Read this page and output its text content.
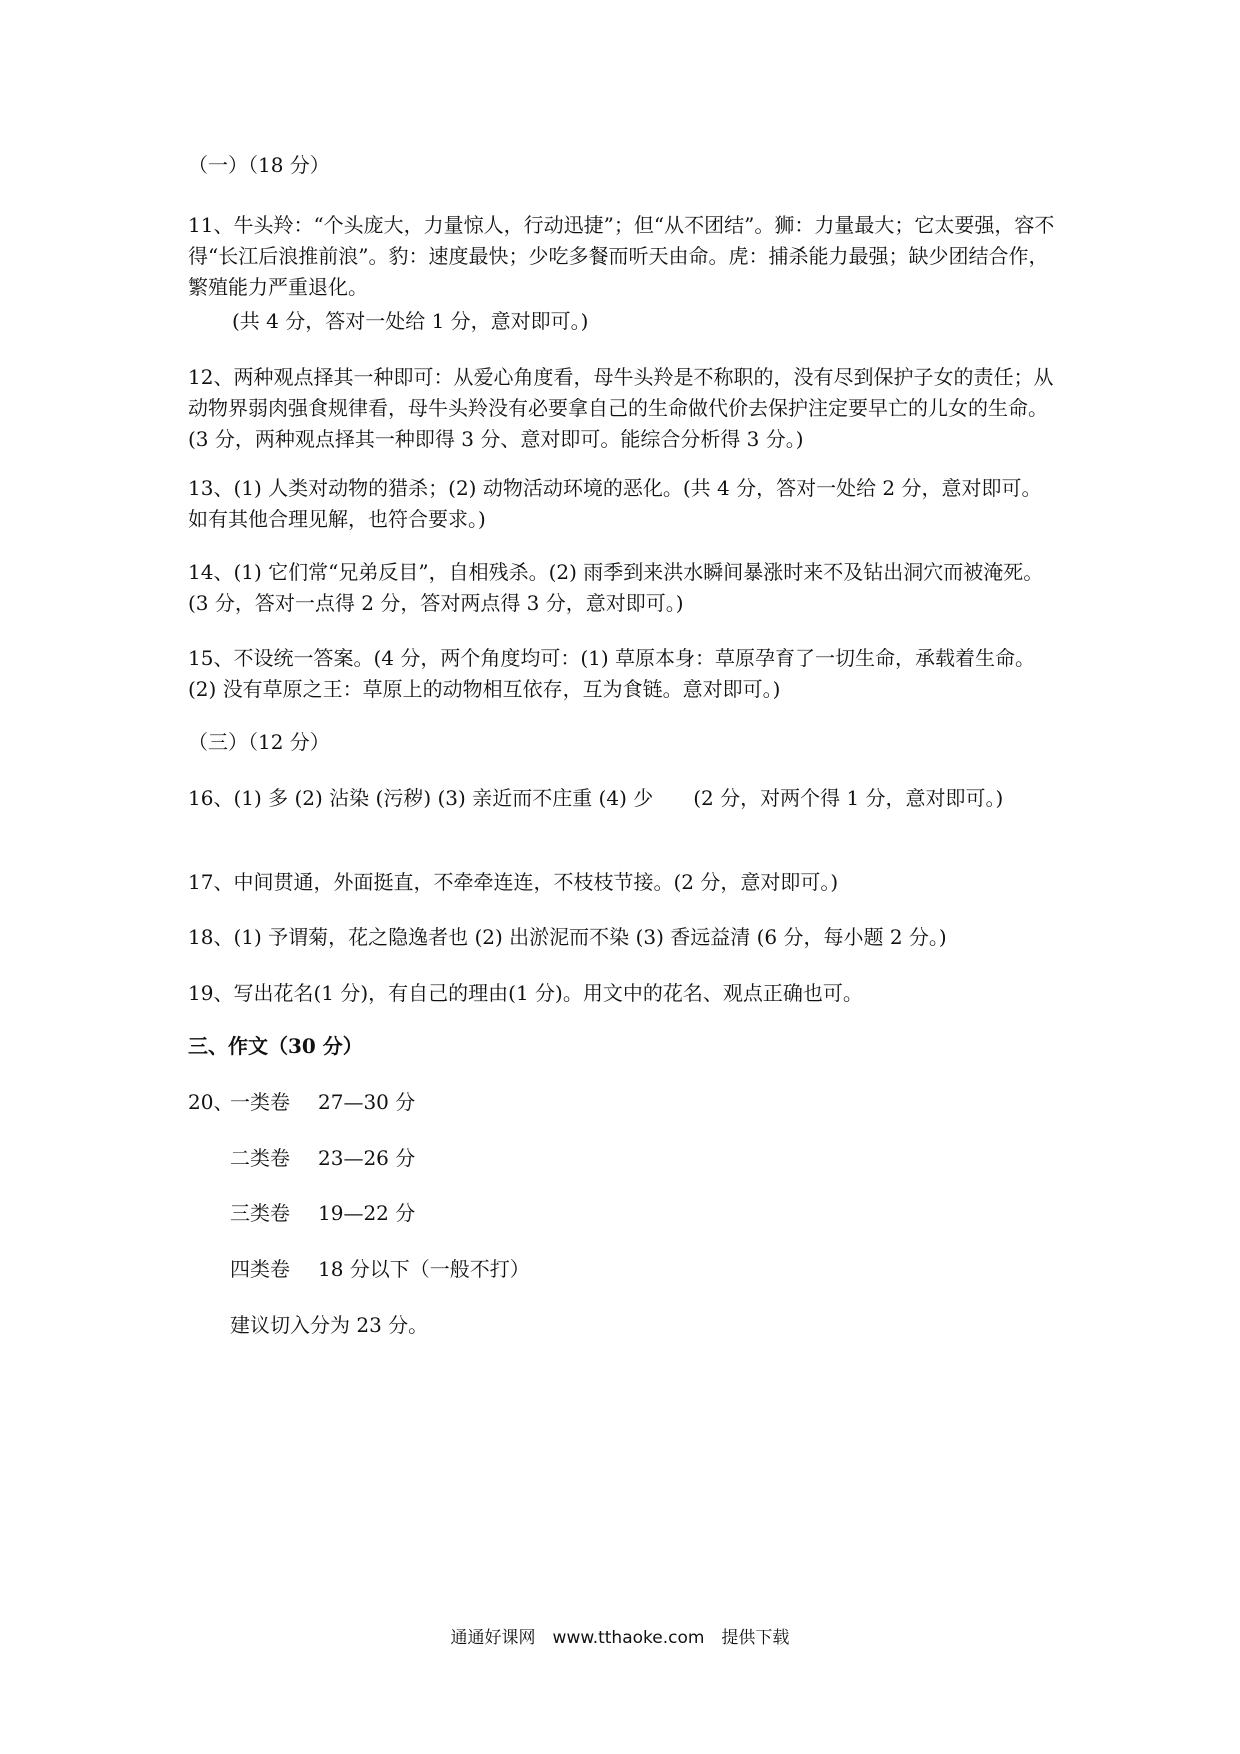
（一）（18 分）

11、牛头羚：“个头庞大，力量惊人，行动迅捷”；但“从不团结”。狮：力量最大；它太要强，容不得“长江后浪推前浪”。豹：速度最快；少吃多餐而听天由命。虎：捕杀能力最强；缺少团结合作，繁殖能力严重退化。

(共 4 分，答对一处给 1 分，意对即可。)

12、两种观点择其一种即可：从爱心角度看，母牛头羚是不称职的，没有尽到保护子女的责任；从动物界弱肉强食规律看，母牛头羚没有必要拿自己的生命做代价去保护注定要早亡的儿女的生命。(3 分，两种观点择其一种即得 3 分、意对即可。能综合分析得 3 分。)

13、(1) 人类对动物的猎杀；(2) 动物活动环境的恶化。(共 4 分，答对一处给 2 分，意对即可。如有其他合理见解，也符合要求。)

14、(1) 它们常“兄弟反目”，自相残杀。(2) 雨季到来洪水瞬间暴涨时来不及钻出洞穴而被淹死。(3 分，答对一点得 2 分，答对两点得 3 分，意对即可。)

15、不设统一答案。(4 分，两个角度均可：(1) 草原本身：草原孕育了一切生命，承载着生命。(2) 没有草原之王：草原上的动物相互依存，互为食链。意对即可。)

（三）（12 分）

16、(1) 多 (2) 沾染 (污秽) (3) 亲近而不庄重 (4) 少　　(2 分，对两个得 1 分，意对即可。)

17、中间贯通，外面挺直，不牵牵连连，不枝枝节接。(2 分，意对即可。)

18、(1) 予谓菊，花之隐逸者也 (2) 出淤泥而不染 (3) 香远益清 (6 分，每小题 2 分。)

19、写出花名(1 分)，有自己的理由(1 分)。用文中的花名、观点正确也可。

三、作文（30 分）

20、
一类卷 27—30 分
二类卷 23—26 分
三类卷 19—22 分
四类卷 18 分以下（一般不打）
建议切入分为 23 分。
通通好课网　www.tthaoke.com　提供下载
